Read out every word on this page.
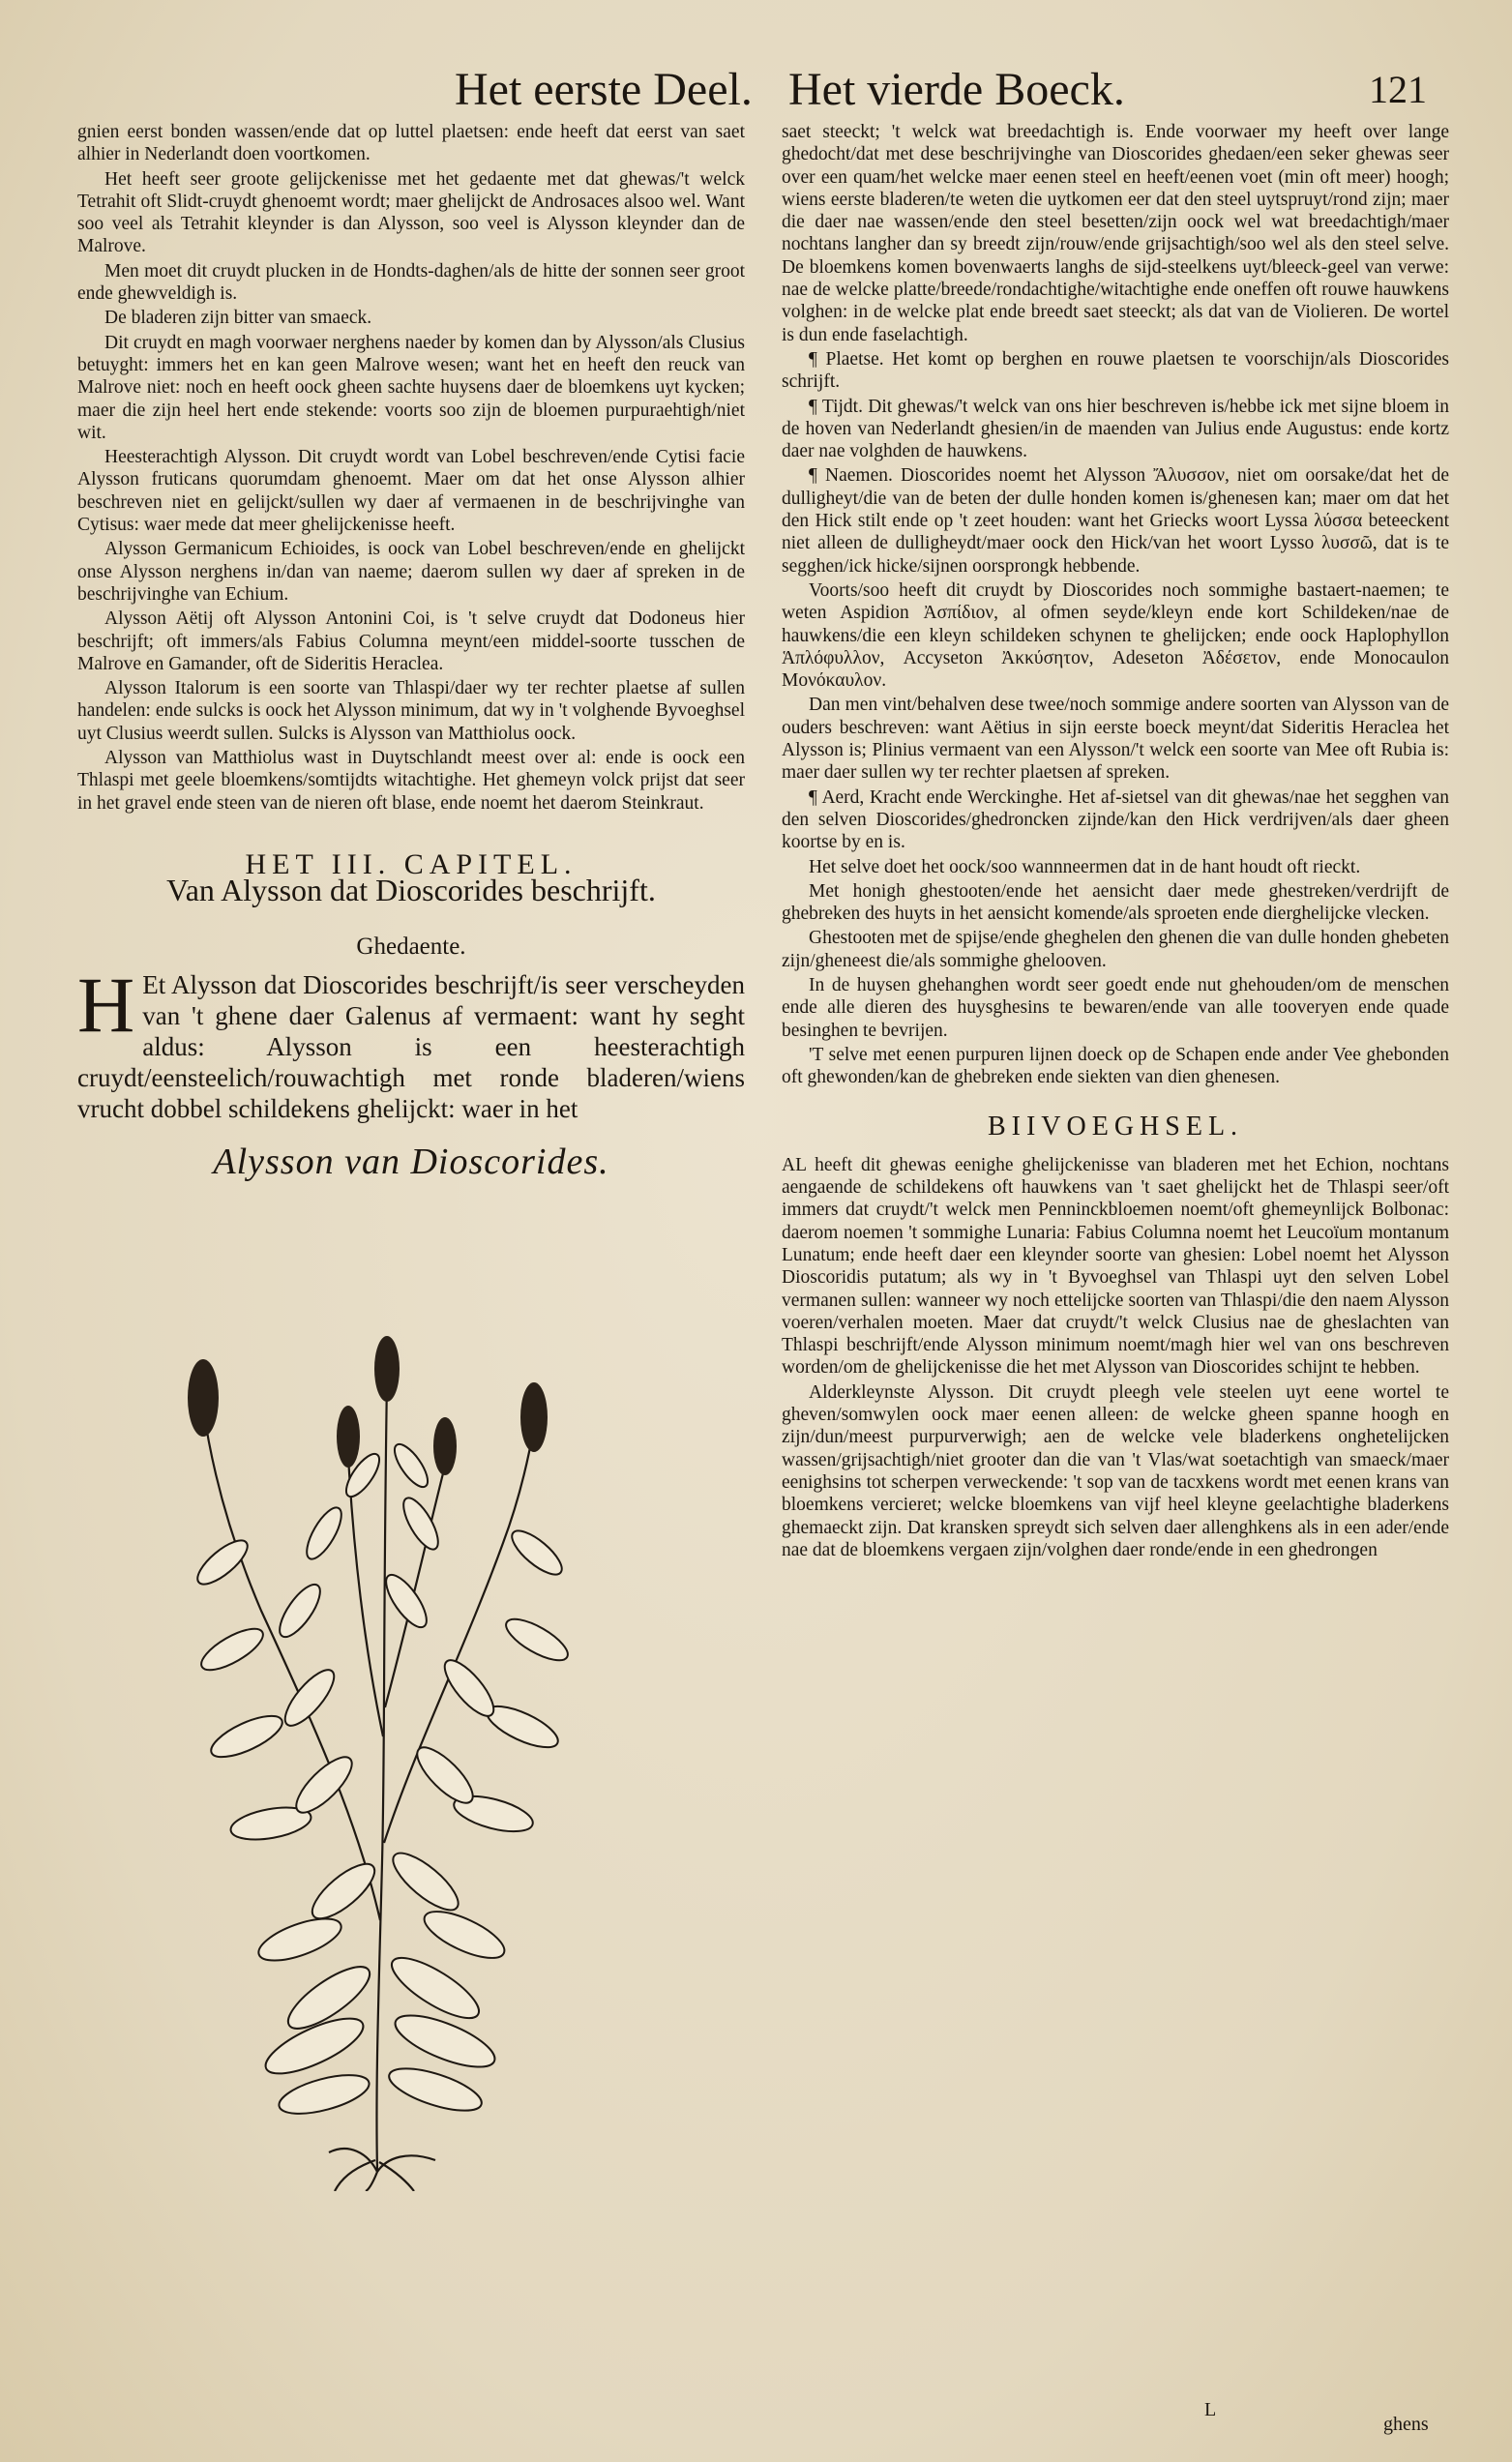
Het eerste Deel. Het vierde Boeck.	121

gnien eerst bonden wassen/ende dat op luttel plaetsen: ende heeft dat eerst van saet alhier in Nederlandt doen voortkomen.

Het heeft seer groote gelijckenisse met het gedaente met dat ghewas/'t welck Tetrahit oft Slidt-cruydt ghenoemt wordt; maer ghelijckt de Androsaces alsoo wel. Want soo veel als Tetrahit kleynder is dan Alysson, soo veel is Alysson kleynder dan de Malrove.

Men moet dit cruydt plucken in de Hondts-daghen/als de hitte der sonnen seer groot ende ghewveldigh is.

De bladeren zijn bitter van smaeck.

Dit cruydt en magh voorwaer nerghens naeder by komen dan by Alysson/als Clusius betuyght: immers het en kan geen Malrove wesen; want het en heeft den reuck van Malrove niet: noch en heeft oock gheen sachte huysens daer de bloemkens uyt kycken; maer die zijn heel hert ende stekende: voorts soo zijn de bloemen purpuraehtigh/niet wit.

Heesterachtigh Alysson. Dit cruydt wordt van Lobel beschreven/ende Cytisi facie Alysson fruticans quorumdam ghenoemt. Maer om dat het onse Alysson alhier beschreven niet en gelijckt/sullen wy daer af vermaenen in de beschrijvinghe van Cytisus: waer mede dat meer ghelijckenisse heeft.

Alysson Germanicum Echioides, is oock van Lobel beschreven/ende en ghelijckt onse Alysson nerghens in/dan van naeme; daerom sullen wy daer af spreken in de beschrijvinghe van Echium.

Alysson Aëtij oft Alysson Antonini Coi, is 't selve cruydt dat Dodoneus hier beschrijft; oft immers/als Fabius Columna meynt/een middel-soorte tusschen de Malrove en Gamander, oft de Sideritis Heraclea.

Alysson Italorum is een soorte van Thlaspi/daer wy ter rechter plaetse af sullen handelen: ende sulcks is oock het Alysson minimum, dat wy in 't volghende Byvoeghsel uyt Clusius weerdt sullen. Sulcks is Alysson van Matthiolus oock.

Alysson van Matthiolus wast in Duytschlandt meest over al: ende is oock een Thlaspi met geele bloemkens/somtijdts witachtighe. Het ghemeyn volck prijst dat seer in het gravel ende steen van de nieren oft blase, ende noemt het daerom Steinkraut.

HET III. CAPITEL.
Van Alysson dat Dioscorides beschrijft.
Ghedaente.

H Et Alysson dat Dioscorides beschrijft/is seer verscheyden van 't ghene daer Galenus af vermaent: want hy seght aldus: Alysson is een heesterachtigh cruydt/eensteelich/rouwachtigh met ronde bladeren/wiens vrucht dobbel schildekens ghelijckt: waer in het

Alysson van Dioscorides.

saet steeckt; 't welck wat breedachtigh is. Ende voorwaer my heeft over lange ghedocht/dat met dese beschrijvinghe van Dioscorides ghedaen/een seker ghewas seer over een quam/het welcke maer eenen steel en heeft/eenen voet (min oft meer) hoogh; wiens eerste bladeren/te weten die uytkomen eer dat den steel uytspruyt/rond zijn; maer die daer nae wassen/ende den steel besetten/zijn oock wel wat breedachtigh/maer nochtans langher dan sy breedt zijn/rouw/ende grijsachtigh/soo wel als den steel selve. De bloemkens komen bovenwaerts langhs de sijd-steelkens uyt/bleeck-geel van verwe: nae de welcke platte/breede/rondachtighe/witachtighe ende oneffen oft rouwe hauwkens volghen: in de welcke plat ende breedt saet steeckt; als dat van de Violieren. De wortel is dun ende faselachtigh.

¶ Plaetse. Het komt op berghen en rouwe plaetsen te voorschijn/als Dioscorides schrijft.

¶ Tijdt. Dit ghewas/'t welck van ons hier beschreven is/hebbe ick met sijne bloem in de hoven van Nederlandt ghesien/in de maenden van Julius ende Augustus: ende kortz daer nae volghden de hauwkens.

¶ Naemen. Dioscorides noemt het Alysson Ἄλυσσον, niet om oorsake/dat het de dulligheyt/die van de beten der dulle honden komen is/ghenesen kan; maer om dat het den Hick stilt ende op 't zeet houden: want het Griecks woort Lyssa λύσσα beteeckent niet alleen de dulligheydt/maer oock den Hick/van het woort Lysso λυσσῶ, dat is te segghen/ick hicke/sijnen oorsprongk hebbende.

Voorts/soo heeft dit cruydt by Dioscorides noch sommighe bastaert-naemen; te weten Aspidion Ἀσπίδιον, al ofmen seyde/kleyn ende kort Schildeken/nae de hauwkens/die een kleyn schildeken schynen te ghelijcken; ende oock Haplophyllon Ἁπλόφυλλον, Accyseton Ἀκκύσητον, Adeseton Ἀδέσετον, ende Monocaulon Μονόκαυλον.

Dan men vint/behalven dese twee/noch sommige andere soorten van Alysson van de ouders beschreven: want Aëtius in sijn eerste boeck meynt/dat Sideritis Heraclea het Alysson is; Plinius vermaent van een Alysson/'t welck een soorte van Mee oft Rubia is: maer daer sullen wy ter rechter plaetsen af spreken.

¶ Aerd, Kracht ende Werckinghe. Het af-sietsel van dit ghewas/nae het segghen van den selven Dioscorides/ghedroncken zijnde/kan den Hick verdrijven/als daer gheen koortse by en is.

Het selve doet het oock/soo wannneermen dat in de hant houdt oft rieckt.

Met honigh ghestooten/ende het aensicht daer mede ghestreken/verdrijft de ghebreken des huyts in het aensicht komende/als sproeten ende dierghelijcke vlecken.

Ghestooten met de spijse/ende gheghelen den ghenen die van dulle honden ghebeten zijn/gheneest die/als sommighe ghelooven.

In de huysen ghehanghen wordt seer goedt ende nut ghehouden/om de menschen ende alle dieren des huysghesins te bewaren/ende van alle tooveryen ende quade besinghen te bevrijen.

'T selve met eenen purpuren lijnen doeck op de Schapen ende ander Vee ghebonden oft ghewonden/kan de ghebreken ende siekten van dien ghenesen.

BIIVOEGHSEL.

AL heeft dit ghewas eenighe ghelijckenisse van bladeren met het Echion, nochtans aengaende de schildekens oft hauwkens van 't saet ghelijckt het de Thlaspi seer/oft immers dat cruydt/'t welck men Penninckbloemen noemt/oft ghemeynlijck Bolbonac: daerom noemen 't sommighe Lunaria: Fabius Columna noemt het Leucoïum montanum Lunatum; ende heeft daer een kleynder soorte van ghesien: Lobel noemt het Alysson Dioscoridis putatum; als wy in 't Byvoeghsel van Thlaspi uyt den selven Lobel vermanen sullen: wanneer wy noch ettelijcke soorten van Thlaspi/die den naem Alysson voeren/verhalen moeten. Maer dat cruydt/'t welck Clusius nae de gheslachten van Thlaspi beschrijft/ende Alysson minimum noemt/magh hier wel van ons beschreven worden/om de ghelijckenisse die het met Alysson van Dioscorides schijnt te hebben.

Alderkleynste Alysson. Dit cruydt pleegh vele steelen uyt eene wortel te gheven/somwylen oock maer eenen alleen: de welcke gheen spanne hoogh en zijn/dun/meest purpurverwigh; aen de welcke vele bladerkens onghetelijcken wassen/grijsachtigh/niet grooter dan die van 't Vlas/wat soetachtigh van smaeck/maer eenighsins tot scherpen verweckende: 't sop van de tacxkens wordt met eenen krans van bloemkens vercieret; welcke bloemkens van vijf heel kleyne geelachtighe bladerkens ghemaeckt zijn. Dat kransken spreydt sich selven daer allenghkens als in een ader/ende nae dat de bloemkens vergaen zijn/volghen daer ronde/ende in een ghedrongen

L
ghens
